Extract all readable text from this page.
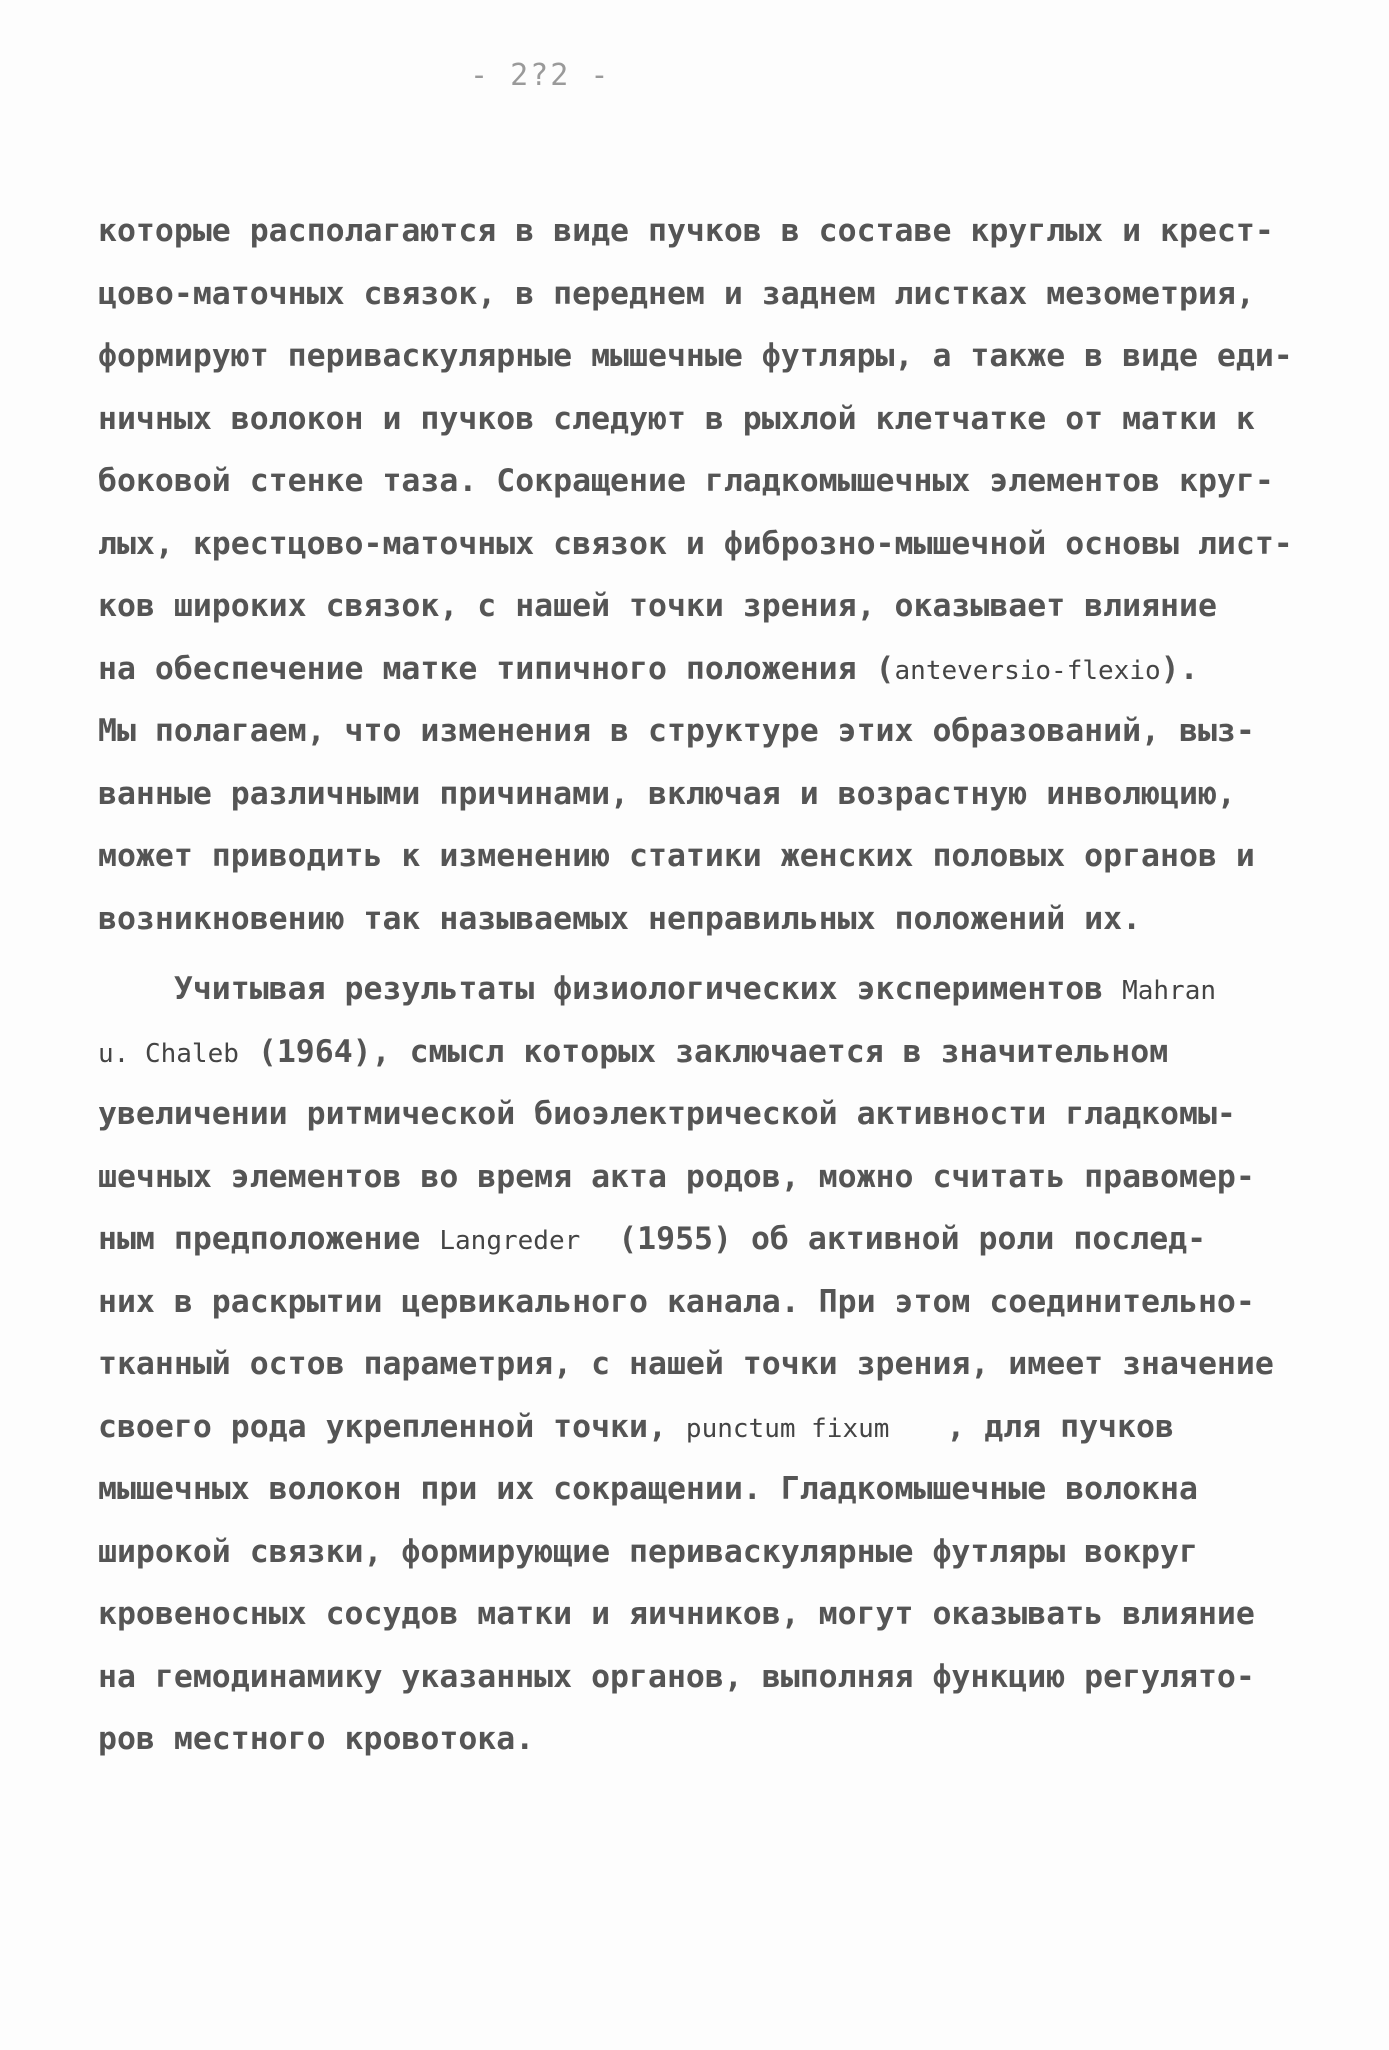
- 2?2 -
которые располагаются в виде пучков в составе круглых и крест-
цово-маточных связок, в переднем и заднем листках мезометрия,
формируют периваскулярные мышечные футляры, а также в виде еди-
ничных волокон и пучков следуют в рыхлой клетчатке от матки к
боковой стенке таза. Сокращение гладкомышечных элементов круг-
лых, крестцово-маточных связок и фиброзно-мышечной основы лист-
ков широких связок, с нашей точки зрения, оказывает влияние
на обеспечение матке типичного положения (anteversio-flexio).
Мы полагаем, что изменения в структуре этих образований, выз-
ванные различными причинами, включая и возрастную инволюцию,
может приводить к изменению статики женских половых органов и
возникновению так называемых неправильных положений их.
Учитывая результаты физиологических экспериментов Mahran
u. Chaleb (1964), смысл которых заключается в значительном
увеличении ритмической биоэлектрической активности гладкомы-
шечных элементов во время акта родов, можно считать правомер-
ным предположение Langreder (1955) об активной роли послед-
них в раскрытии цервикального канала. При этом соединительно-
тканный остов параметрия, с нашей точки зрения, имеет значение
своего рода укрепленной точки, punctum fixum , для пучков
мышечных волокон при их сокращении. Гладкомышечные волокна
широкой связки, формирующие периваскулярные футляры вокруг
кровеносных сосудов матки и яичников, могут оказывать влияние
на гемодинамику указанных органов, выполняя функцию регулято-
ров местного кровотока.
